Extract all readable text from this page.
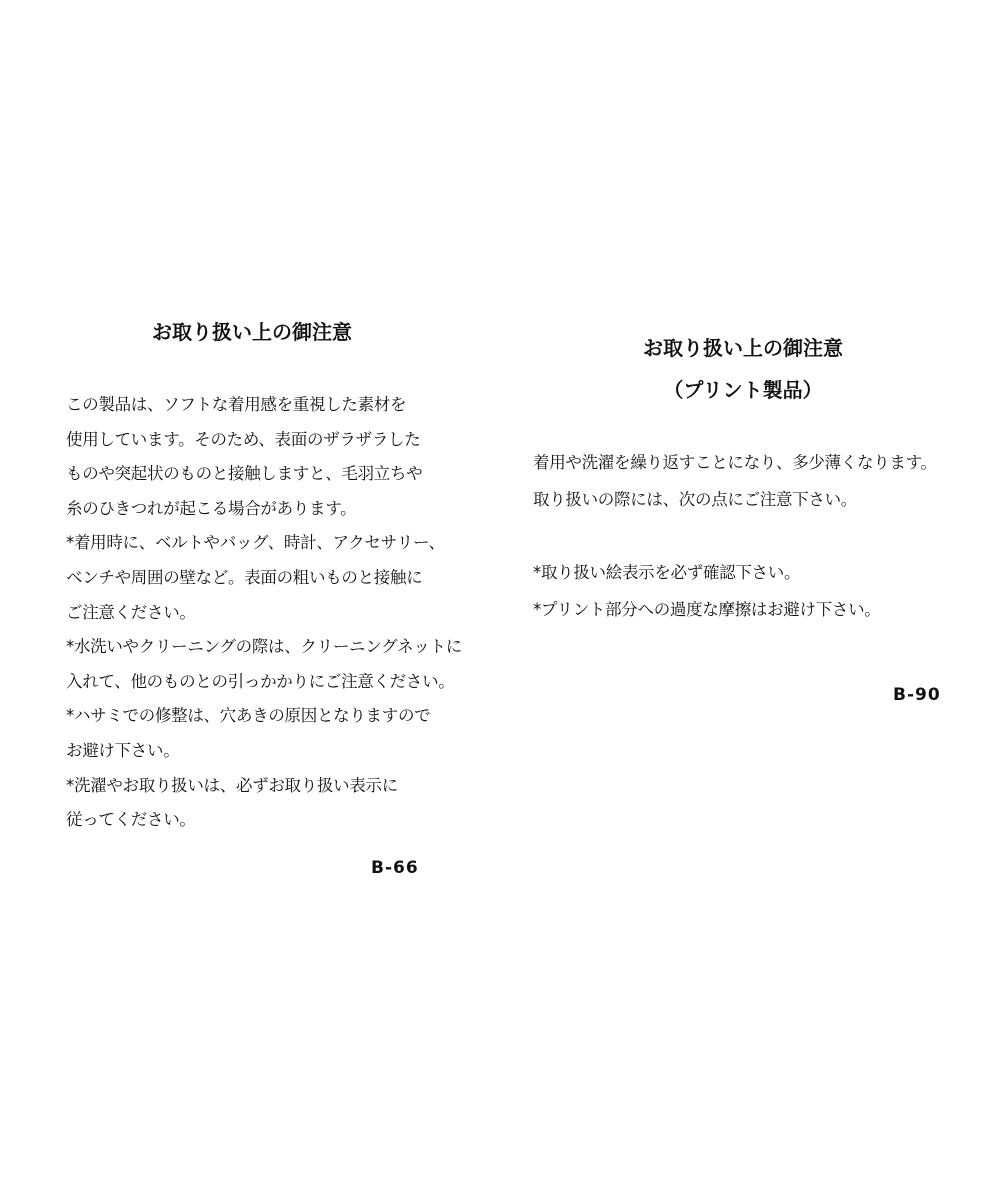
お取り扱い上の御注意
この製品は、ソフトな着用感を重視した素材を
使用しています。そのため、表面のザラザラした
ものや突起状のものと接触しますと、毛羽立ちや
糸のひきつれが起こる場合があります。
*着用時に、ベルトやバッグ、時計、アクセサリー、
ベンチや周囲の壁など。表面の粗いものと接触に
ご注意ください。
*水洗いやクリーニングの際は、クリーニングネットに
入れて、他のものとの引っかかりにご注意ください。
*ハサミでの修整は、穴あきの原因となりますので
お避け下さい。
*洗濯やお取り扱いは、必ずお取り扱い表示に
従ってください。
B-66
お取り扱い上の御注意
（プリント製品）
着用や洗濯を繰り返すことになり、多少薄くなります。
取り扱いの際には、次の点にご注意下さい。
*取り扱い絵表示を必ず確認下さい。
*プリント部分への過度な摩擦はお避け下さい。
B-90
